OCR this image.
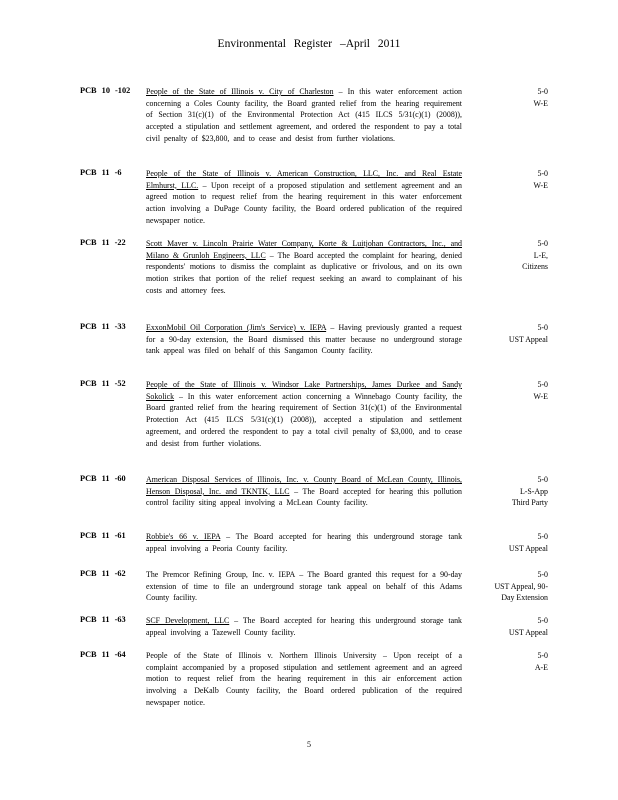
Environmental Register –April 2011
PCB 10 -102 People of the State of Illinois v. City of Charleston – In this water enforcement action concerning a Coles County facility, the Board granted relief from the hearing requirement of Section 31(c)(1) of the Environmental Protection Act (415 ILCS 5/31(c)(1) (2008)), accepted a stipulation and settlement agreement, and ordered the respondent to pay a total civil penalty of $23,800, and to cease and desist from further violations.
5-0
W-E
PCB 11 -6	People of the State of Illinois v. American Construction, LLC, Inc. and Real Estate Elmhurst, LLC. – Upon receipt of a proposed stipulation and settlement agreement and an agreed motion to request relief from the hearing requirement in this water enforcement action involving a DuPage County facility, the Board ordered publication of the required newspaper notice.
5-0
W-E
PCB 11 -22	Scott Maver v. Lincoln Prairie Water Company, Korte & Luitjohan Contractors, Inc., and Milano & Grunloh Engineers, LLC – The Board accepted the complaint for hearing, denied respondents' motions to dismiss the complaint as duplicative or frivolous, and on its own motion strikes that portion of the relief request seeking an award to complainant of his costs and attorney fees.
5-0
L-E,
Citizens
PCB 11 -33	ExxonMobil Oil Corporation (Jim's Service) v. IEPA – Having previously granted a request for a 90-day extension, the Board dismissed this matter because no underground storage tank appeal was filed on behalf of this Sangamon County facility.
5-0
UST Appeal
PCB 11 -52	People of the State of Illinois v. Windsor Lake Partnerships, James Durkee and Sandy Sokolick – In this water enforcement action concerning a Winnebago County facility, the Board granted relief from the hearing requirement of Section 31(c)(1) of the Environmental Protection Act (415 ILCS 5/31(c)(1) (2008)), accepted a stipulation and settlement agreement, and ordered the respondent to pay a total civil penalty of $3,000, and to cease and desist from further violations.
5-0
W-E
PCB 11 -60	American Disposal Services of Illinois, Inc. v. County Board of McLean County, Illinois, Henson Disposal, Inc. and TKNTK, LLC – The Board accepted for hearing this pollution control facility siting appeal involving a McLean County facility.
5-0
L-S-App
Third Party
PCB 11 -61	Robbie's 66 v. IEPA – The Board accepted for hearing this underground storage tank appeal involving a Peoria County facility.
5-0
UST Appeal
PCB 11 -62	The Premcor Refining Group, Inc. v. IEPA – The Board granted this request for a 90-day extension of time to file an underground storage tank appeal on behalf of this Adams County facility.
5-0
UST Appeal, 90-
Day Extension
PCB 11 -63	SCF Development, LLC – The Board accepted for hearing this underground storage tank appeal involving a Tazewell County facility.
5-0
UST Appeal
PCB 11 -64	People of the State of Illinois v. Northern Illinois University – Upon receipt of a complaint accompanied by a proposed stipulation and settlement agreement and an agreed motion to request relief from the hearing requirement in this air enforcement action involving a DeKalb County facility, the Board ordered publication of the required newspaper notice.
5-0
A-E
5
